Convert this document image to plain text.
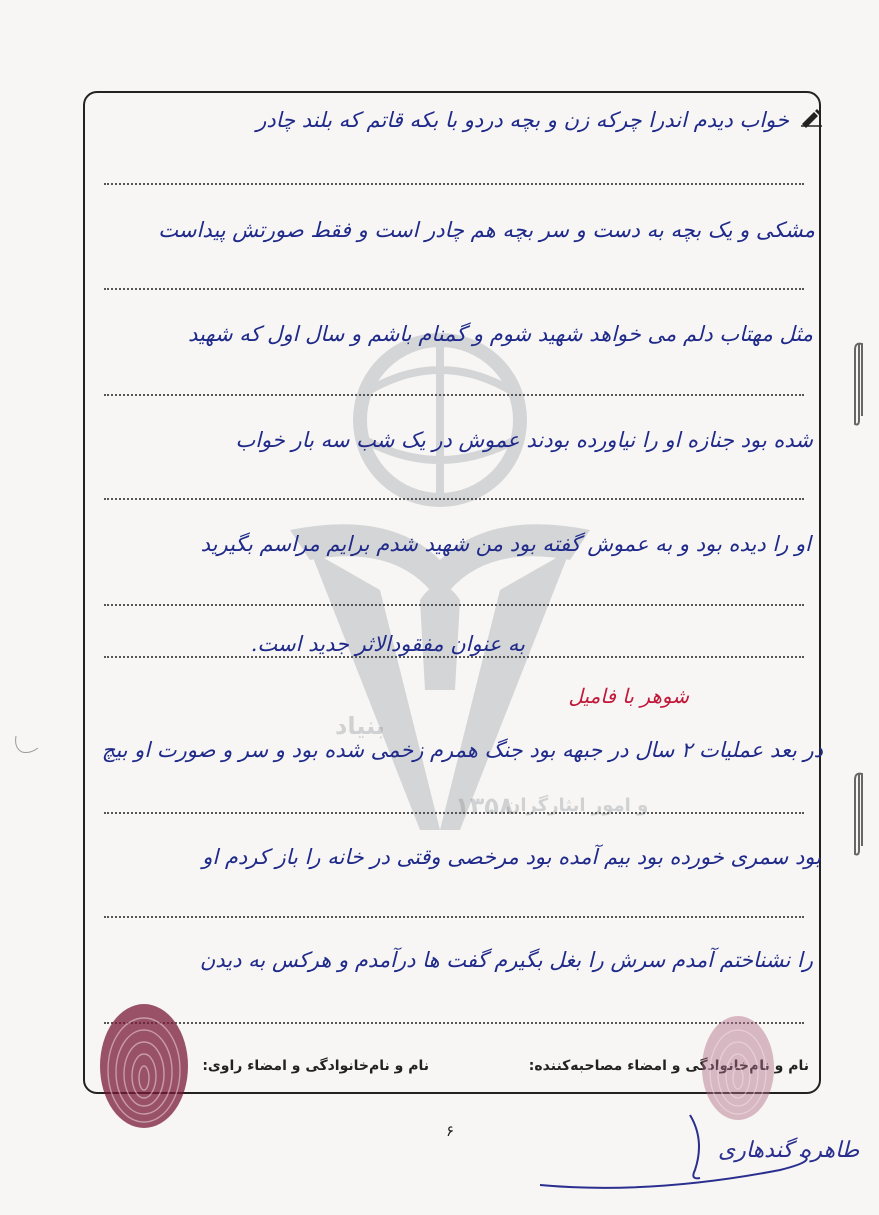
بنیاد
۱۳۵۸
و امور ایثارگران
خواب دیدم اندرا چرکه زن و بچه دردو با بکه قاتم که بلند چادر
مشکی و یک بچه به دست و سر بچه هم چادر است و فقط صورتش پیداست
مثل مهتاب دلم می خواهد شهید شوم و گمنام باشم و سال اول که شهید
شده بود جنازه او را نیاورده بودند عموش در یک شب سه بار خواب
او را دیده بود و به عموش گفته بود من شهید شدم برایم مراسم بگیرید
به عنوان مفقودالاثر جدید است.
شوهر با فامیل
در بعد عملیات ۲ سال در جبهه بود جنگ همرم زخمی شده بود و سر و صورت او بیچ
بود سمری خورده بود بیم آمده بود مرخصی وقتی در خانه را باز کردم او
را نشناختم آمدم سرش را بغل بگیرم گفت ها درآمدم و هرکس به دیدن
نام و نام‌خانوادگی و امضاء مصاحبه‌کننده:
نام و نام‌خانوادگی و امضاء راوی:
۶
طاهره گندهاری
